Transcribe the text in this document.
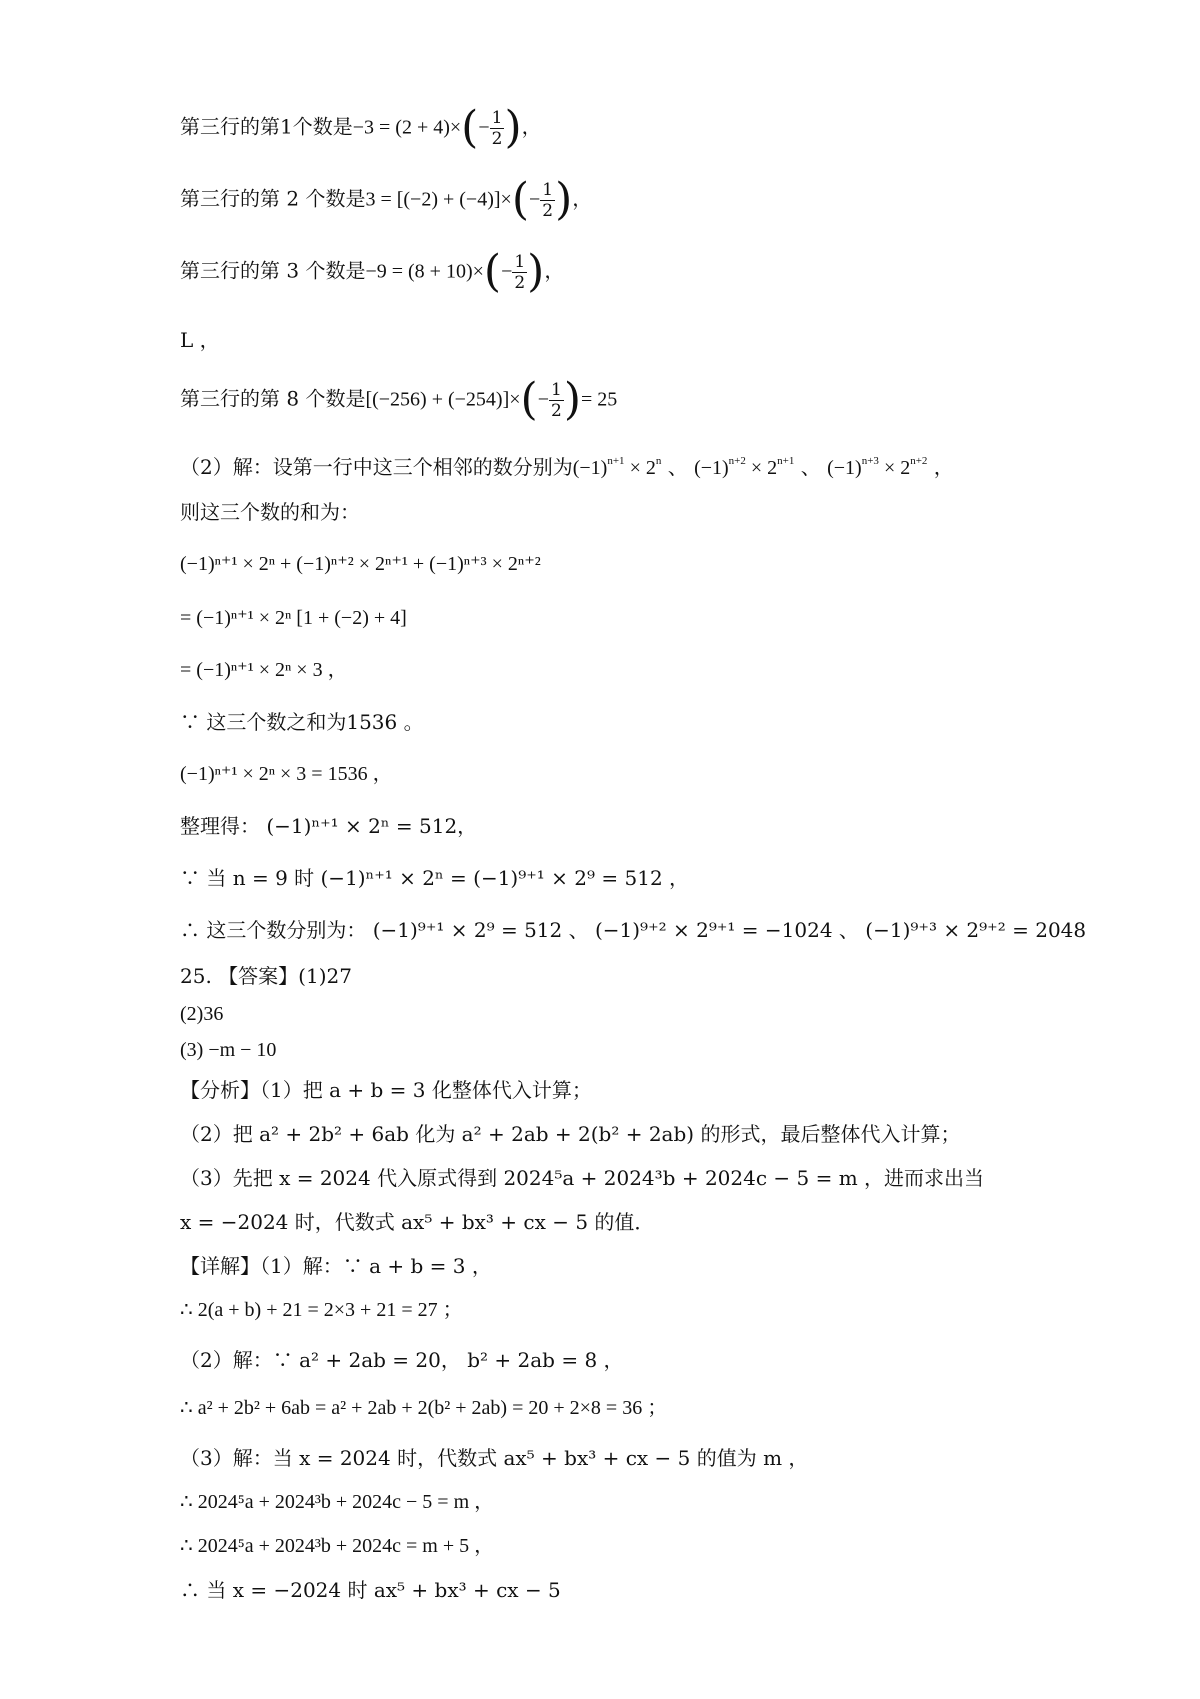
第三行的第1个数是$-3 = (2 + 4)\times(- \frac{1}{2}$ )，
第三行的第 2 个数是$3 = [(-2) + (-4)]\times(- \frac{1}{2}$ )，
第三行的第 3 个数是$-9 = (8 + 10)\times(- \frac{1}{2}$ )，
L ，
第三行的第 8 个数是$[(-256) + (-254)]\times(- \frac{1}{2}$ )= 25
（2）解：设第一行中这三个相邻的数分别为$(-1)^{n+1} \times 2^n$ 、 $(-1)^{n+2} \times 2^{n+1}$ 、 $(-1)^{n+3} \times 2^{n+2}$ ，
则这三个数的和为：
(−1)ⁿ⁺¹ × 2ⁿ + (−1)ⁿ⁺² × 2ⁿ⁺¹ + (−1)ⁿ⁺³ × 2ⁿ⁺²
= (−1)ⁿ⁺¹ × 2ⁿ [1 + (−2) + 4]
= (−1)ⁿ⁺¹ × 2ⁿ × 3 ，
∵ 这三个数之和为1536 。
(−1)ⁿ⁺¹ × 2ⁿ × 3 = 1536 ，
整理得： (−1)ⁿ⁺¹ × 2ⁿ = 512，
∵ 当 n = 9 时 (−1)ⁿ⁺¹ × 2ⁿ = (−1)⁹⁺¹ × 2⁹ = 512 ，
∴ 这三个数分别为： (−1)⁹⁺¹ × 2⁹ = 512 、 (−1)⁹⁺² × 2⁹⁺¹ = −1024 、 (−1)⁹⁺³ × 2⁹⁺² = 2048
25. 【答案】(1)27
(2)36
(3) −m − 10
【分析】（1）把 a + b = 3 化整体代入计算；
（2）把 a² + 2b² + 6ab 化为 a² + 2ab + 2(b² + 2ab) 的形式，最后整体代入计算；
（3）先把 x = 2024 代入原式得到 2024⁵a + 2024³b + 2024c − 5 = m ，进而求出当
x = −2024 时，代数式 ax⁵ + bx³ + cx − 5 的值．
【详解】（1）解：∵ a + b = 3 ，
∴ 2(a + b) + 21 = 2×3 + 21 = 27 ；
（2）解：∵ a² + 2ab = 20， b² + 2ab = 8 ，
∴ a² + 2b² + 6ab = a² + 2ab + 2(b² + 2ab) = 20 + 2×8 = 36 ；
（3）解：当 x = 2024 时，代数式 ax⁵ + bx³ + cx − 5 的值为 m ，
∴ 2024⁵a + 2024³b + 2024c − 5 = m ，
∴ 2024⁵a + 2024³b + 2024c = m + 5 ，
∴ 当 x = −2024 时 ax⁵ + bx³ + cx − 5
